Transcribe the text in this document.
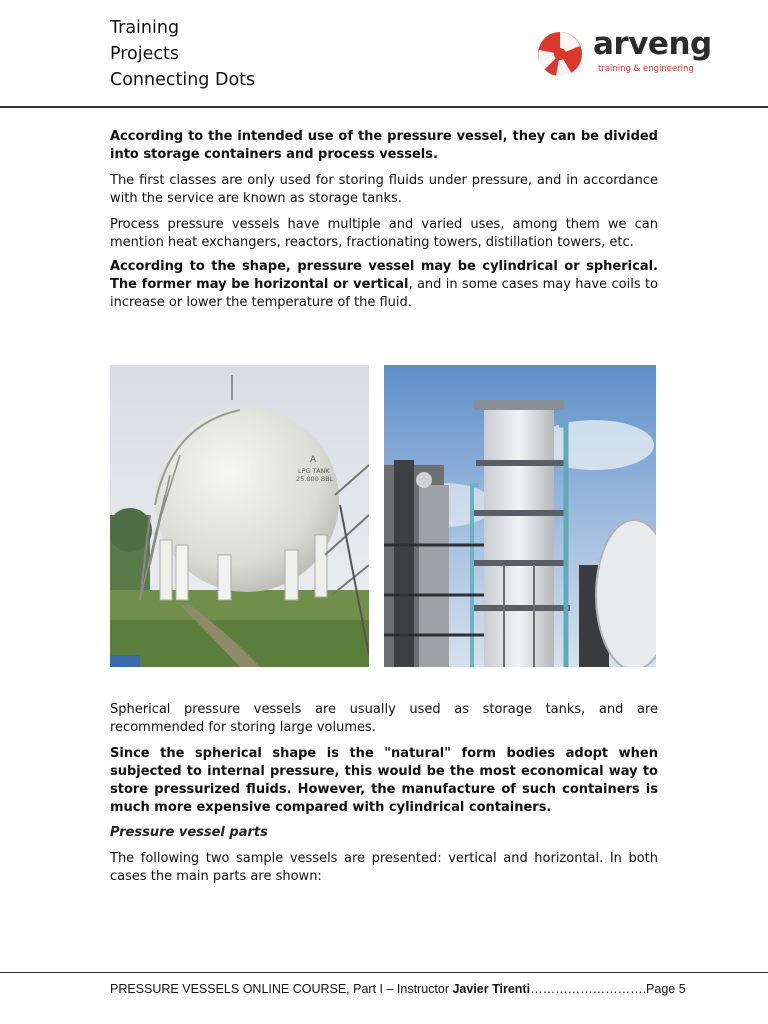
Training
Projects
Connecting Dots
arveng
training & engineering

According to the intended use of the pressure vessel, they can be divided into storage containers and process vessels.

The first classes are only used for storing fluids under pressure, and in accordance with the service are known as storage tanks.

Process pressure vessels have multiple and varied uses, among them we can mention heat exchangers, reactors, fractionating towers, distillation towers, etc.

According to the shape, pressure vessel may be cylindrical or spherical. The former may be horizontal or vertical, and in some cases may have coils to increase or lower the temperature of the fluid.

A
LPG TANK
25.000 BBL

Spherical pressure vessels are usually used as storage tanks, and are recommended for storing large volumes.

Since the spherical shape is the "natural" form bodies adopt when subjected to internal pressure, this would be the most economical way to store pressurized fluids. However, the manufacture of such containers is much more expensive compared with cylindrical containers.

Pressure vessel parts

The following two sample vessels are presented: vertical and horizontal. In both cases the main parts are shown:

PRESSURE VESSELS ONLINE COURSE, Part I – Instructor Javier Tirenti……………………….Page 5
